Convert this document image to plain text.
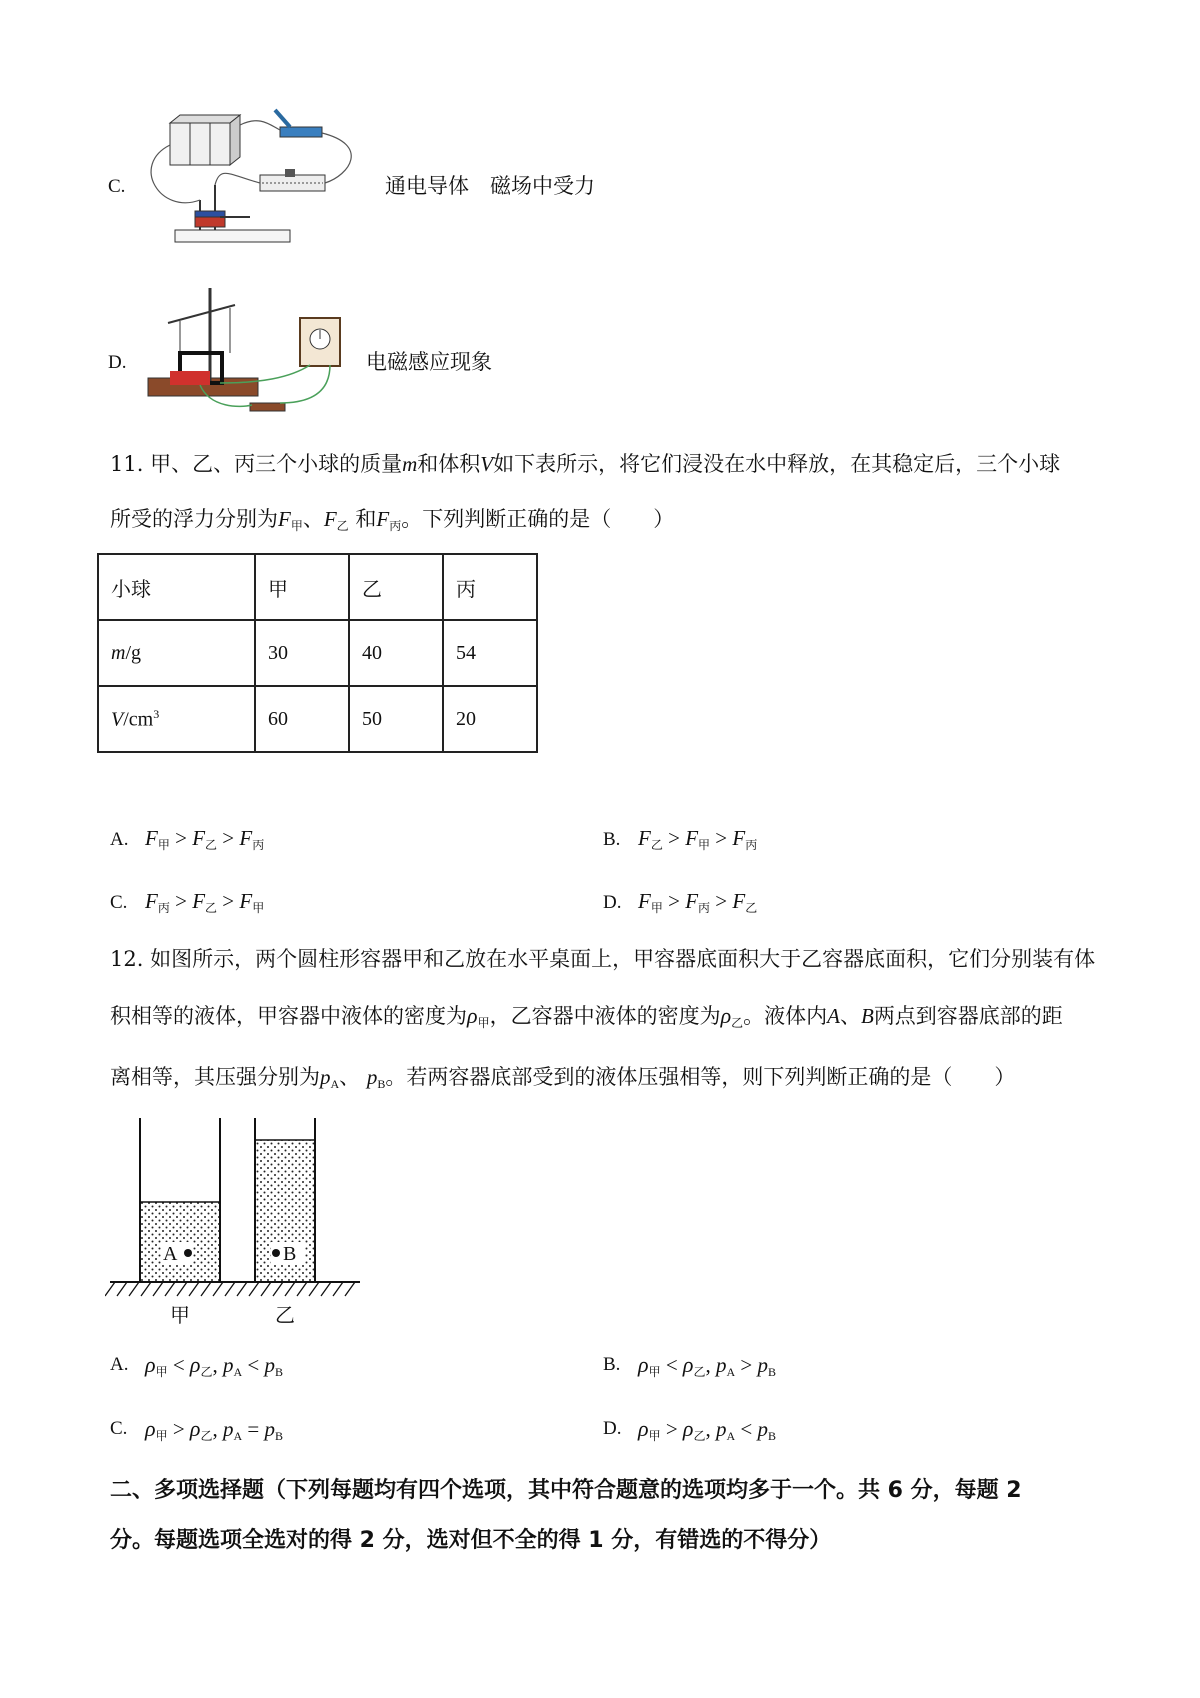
C.	通电导体　磁场中受力
D.	电磁感应现象
11. 甲、乙、丙三个小球的质量m和体积V如下表所示，将它们浸没在水中释放，在其稳定后，三个小球
所受的浮力分别为$F_甲$、$F_乙$ 和$F_丙$。下列判断正确的是（　　）
小球	甲	乙	丙
m/g	30	40	54
$V/cm^3$	60	50	20
A. $F_甲 > F_乙 > F_丙$	B. $F_乙 > F_甲 > F_丙$
C. $F_丙 > F_乙 > F_甲$	D. $F_甲 > F_丙 > F_乙$
12. 如图所示，两个圆柱形容器甲和乙放在水平桌面上，甲容器底面积大于乙容器底面积，它们分别装有体
积相等的液体，甲容器中液体的密度为$\rho_甲$，乙容器中液体的密度为$\rho_乙$。液体内A、B两点到容器底部的距
离相等，其压强分别为$p_A$、 $p_B$。若两容器底部受到的液体压强相等，则下列判断正确的是（　　）
A	B
甲	乙
A. $\rho_甲 < \rho_乙$, $p_A < p_B$	B. $\rho_甲 < \rho_乙$, $p_A > p_B$
C. $\rho_甲 > \rho_乙$, $p_A = p_B$	D. $\rho_甲 > \rho_乙$, $p_A < p_B$
二、多项选择题（下列每题均有四个选项，其中符合题意的选项均多于一个。共 6 分，每题 2
分。每题选项全选对的得 2 分，选对但不全的得 1 分，有错选的不得分）
